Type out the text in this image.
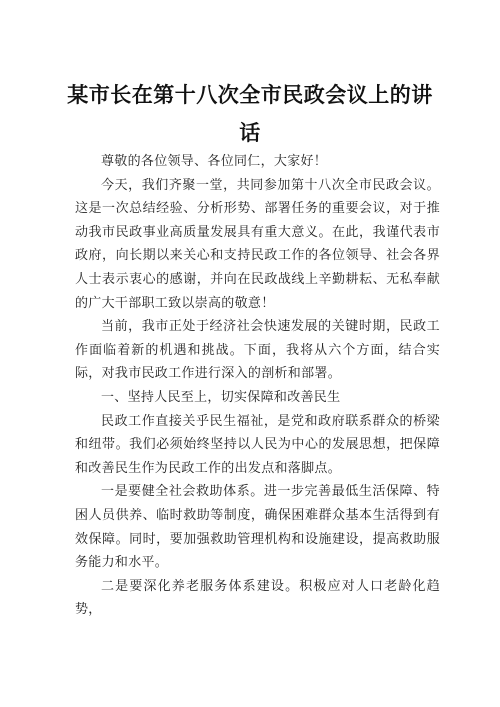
某市长在第十八次全市民政会议上的讲话

尊敬的各位领导、各位同仁，大家好！

今天，我们齐聚一堂，共同参加第十八次全市民政会议。这是一次总结经验、分析形势、部署任务的重要会议，对于推动我市民政事业高质量发展具有重大意义。在此，我谨代表市政府，向长期以来关心和支持民政工作的各位领导、社会各界人士表示衷心的感谢，并向在民政战线上辛勤耕耘、无私奉献的广大干部职工致以崇高的敬意！

当前，我市正处于经济社会快速发展的关键时期，民政工作面临着新的机遇和挑战。下面，我将从六个方面，结合实际，对我市民政工作进行深入的剖析和部署。

一、坚持人民至上，切实保障和改善民生

民政工作直接关乎民生福祉，是党和政府联系群众的桥梁和纽带。我们必须始终坚持以人民为中心的发展思想，把保障和改善民生作为民政工作的出发点和落脚点。

一是要健全社会救助体系。进一步完善最低生活保障、特困人员供养、临时救助等制度，确保困难群众基本生活得到有效保障。同时，要加强救助管理机构和设施建设，提高救助服务能力和水平。

二是要深化养老服务体系建设。积极应对人口老龄化趋势，
